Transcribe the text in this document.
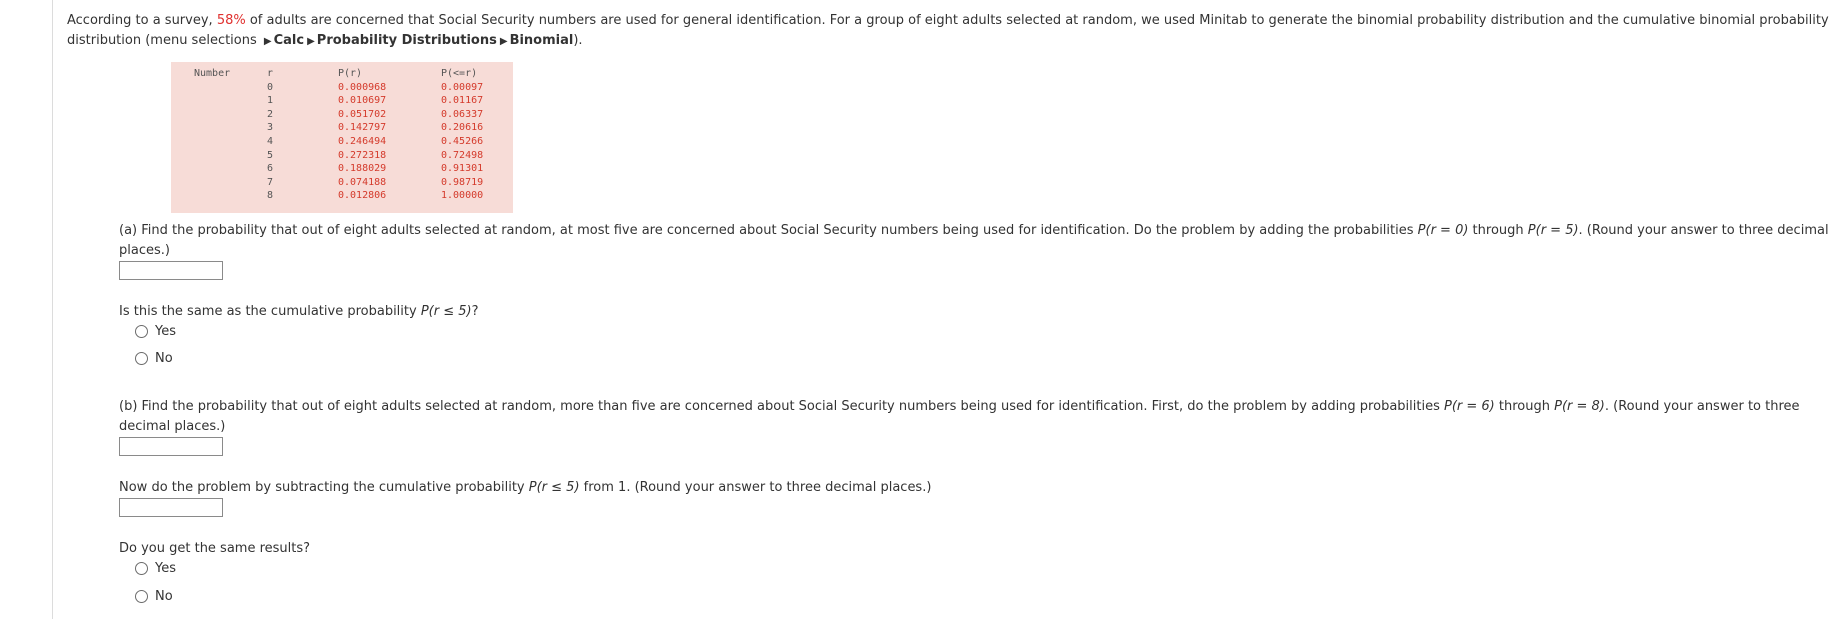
According to a survey, 58% of adults are concerned that Social Security numbers are used for general identification. For a group of eight adults selected at random, we used Minitab to generate the binomial probability distribution and the cumulative binomial probability distribution (menu selections ▶ Calc ▶ Probability Distributions ▶ Binomial).
Number	r
0
1
2
3
4
5
6
7
8
P(r)
0.000968
0.010697
0.051702
0.142797
0.246494
0.272318
0.188029
0.074188
0.012806
P(<=r)
0.00097
0.01167
0.06337
0.20616
0.45266
0.72498
0.91301
0.98719
1.00000
(a) Find the probability that out of eight adults selected at random, at most five are concerned about Social Security numbers being used for identification. Do the problem by adding the probabilities P(r = 0) through P(r = 5). (Round your answer to three decimal places.)
Is this the same as the cumulative probability P(r ≤ 5)?
Yes
No
(b) Find the probability that out of eight adults selected at random, more than five are concerned about Social Security numbers being used for identification. First, do the problem by adding probabilities P(r = 6) through P(r = 8). (Round your answer to three decimal places.)
Now do the problem by subtracting the cumulative probability P(r ≤ 5) from 1. (Round your answer to three decimal places.)
Do you get the same results?
Yes
No
